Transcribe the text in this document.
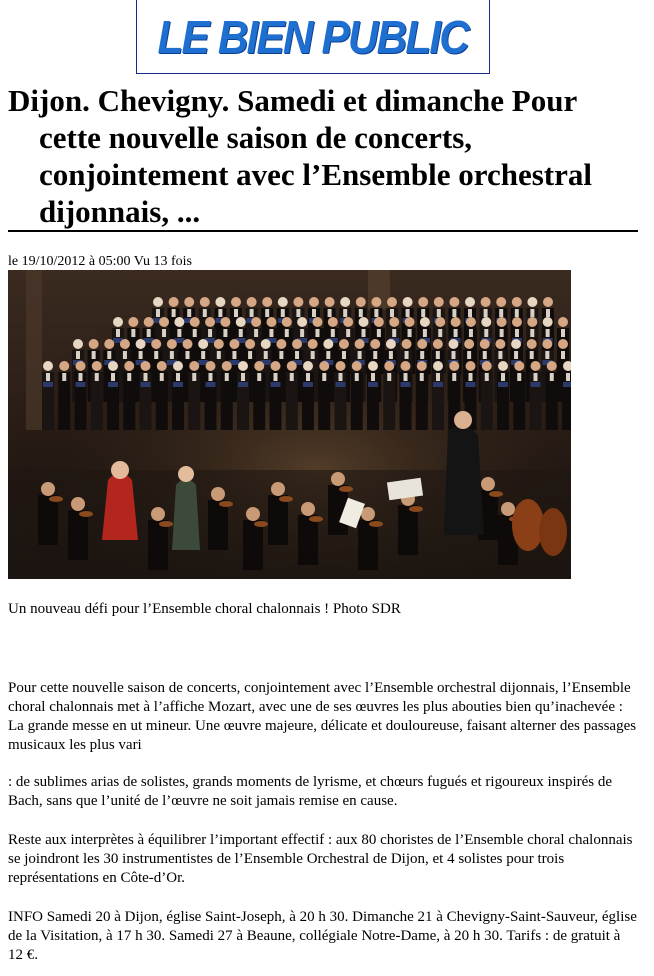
LE BIEN PUBLIC
Dijon. Chevigny. Samedi et dimanche Pour cette nouvelle saison de concerts, conjointement avec l’Ensemble orchestral dijonnais, ...
le 19/10/2012 à 05:00 Vu 13 fois
Un nouveau défi pour l’Ensemble choral chalonnais ! Photo SDR

Pour cette nouvelle saison de concerts, conjointement avec l’Ensemble orchestral dijonnais, l’Ensemble choral chalonnais met à l’affiche Mozart, avec une de ses œuvres les plus abouties bien qu’inachevée : La grande messe en ut mineur. Une œuvre majeure, délicate et douloureuse, faisant alterner des passages musicaux les plus vari

: de sublimes arias de solistes, grands moments de lyrisme, et chœurs fugués et rigoureux inspirés de Bach, sans que l’unité de l’œuvre ne soit jamais remise en cause.

Reste aux interprètes à équilibrer l’important effectif : aux 80 choristes de l’Ensemble choral chalonnais se joindront les 30 instrumentistes de l’Ensemble Orchestral de Dijon, et 4 solistes pour trois représentations en Côte-d’Or.

INFO Samedi 20 à Dijon, église Saint-Joseph, à 20 h 30. Dimanche 21 à Chevigny-Saint-Sauveur, église de la Visitation, à 17 h 30. Samedi 27 à Beaune, collégiale Notre-Dame, à 20 h 30. Tarifs : de gratuit à 12 €.
